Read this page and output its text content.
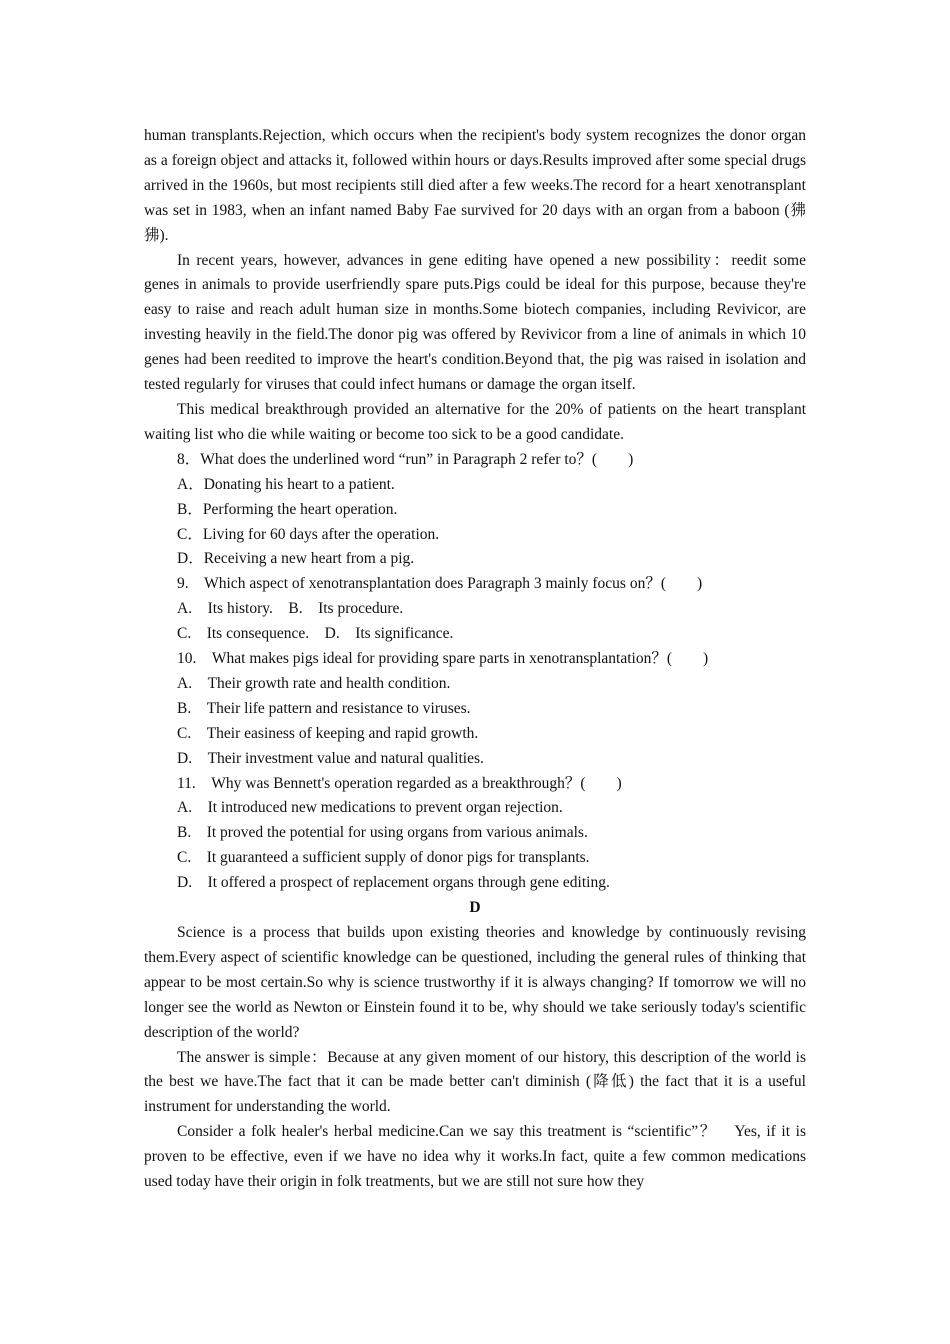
human transplants.Rejection, which occurs when the recipient's body system recognizes the donor organ as a foreign object and attacks it, followed within hours or days.Results improved after some special drugs arrived in the 1960s, but most recipients still died after a few weeks.The record for a heart xenotransplant was set in 1983, when an infant named Baby Fae survived for 20 days with an organ from a baboon (狒狒).

In recent years, however, advances in gene editing have opened a new possibility：reedit some genes in animals to provide userfriendly spare puts.Pigs could be ideal for this purpose, because they're easy to raise and reach adult human size in months.Some biotech companies, including Revivicor, are investing heavily in the field.The donor pig was offered by Revivicor from a line of animals in which 10 genes had been reedited to improve the heart's condition.Beyond that, the pig was raised in isolation and tested regularly for viruses that could infect humans or damage the organ itself.

This medical breakthrough provided an alternative for the 20% of patients on the heart transplant waiting list who die while waiting or become too sick to be a good candidate.

8．What does the underlined word “run” in Paragraph 2 refer to？(　　)

A．Donating his heart to a patient.

B．Performing the heart operation.

C．Living for 60 days after the operation.

D．Receiving a new heart from a pig.

9.　Which aspect of xenotransplantation does Paragraph 3 mainly focus on？(　　)

A.　Its history.　B.　Its procedure.

C.　Its consequence.　D.　Its significance.

10.　What makes pigs ideal for providing spare parts in xenotransplantation？(　　)

A.　Their growth rate and health condition.

B.　Their life pattern and resistance to viruses.

C.　Their easiness of keeping and rapid growth.

D.　Their investment value and natural qualities.

11.　Why was Bennett's operation regarded as a breakthrough？(　　)

A.　It introduced new medications to prevent organ rejection.

B.　It proved the potential for using organs from various animals.

C.　It guaranteed a sufficient supply of donor pigs for transplants.

D.　It offered a prospect of replacement organs through gene editing.

D

Science is a process that builds upon existing theories and knowledge by continuously revising them.Every aspect of scientific knowledge can be questioned, including the general rules of thinking that appear to be most certain.So why is science trustworthy if it is always changing? If tomorrow we will no longer see the world as Newton or Einstein found it to be, why should we take seriously today's scientific description of the world?

The answer is simple：Because at any given moment of our history, this description of the world is the best we have.The fact that it can be made better can't diminish (降低) the fact that it is a useful instrument for understanding the world.

Consider a folk healer's herbal medicine.Can we say this treatment is “scientific”？　Yes, if it is proven to be effective, even if we have no idea why it works.In fact, quite a few common medications used today have their origin in folk treatments, but we are still not sure how they
